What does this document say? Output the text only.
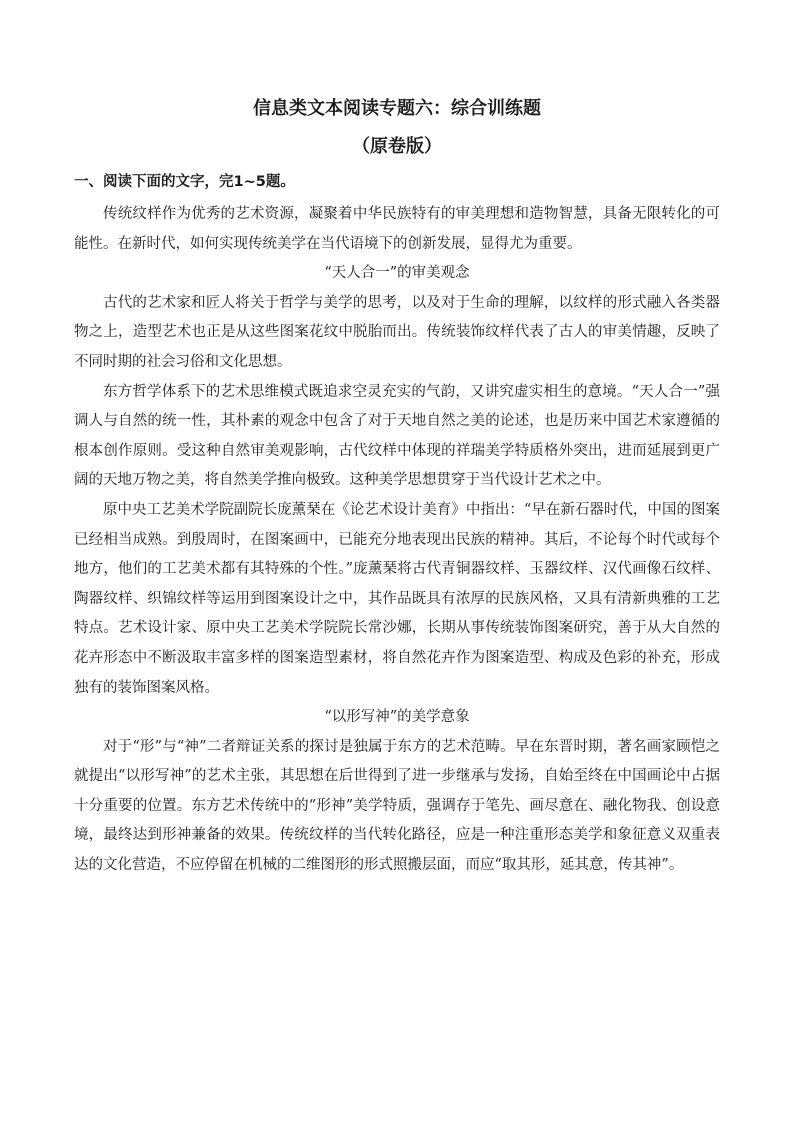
信息类文本阅读专题六：综合训练题
（原卷版）
一、阅读下面的文字，完1~5题。

传统纹样作为优秀的艺术资源，凝聚着中华民族特有的审美理想和造物智慧，具备无限转化的可能性。在新时代，如何实现传统美学在当代语境下的创新发展，显得尤为重要。

“天人合一”的审美观念

古代的艺术家和匠人将关于哲学与美学的思考，以及对于生命的理解，以纹样的形式融入各类器物之上，造型艺术也正是从这些图案花纹中脱胎而出。传统装饰纹样代表了古人的审美情趣，反映了不同时期的社会习俗和文化思想。

东方哲学体系下的艺术思维模式既追求空灵充实的气韵，又讲究虚实相生的意境。“天人合一”强调人与自然的统一性，其朴素的观念中包含了对于天地自然之美的论述，也是历来中国艺术家遵循的根本创作原则。受这种自然审美观影响，古代纹样中体现的祥瑞美学特质格外突出，进而延展到更广阔的天地万物之美，将自然美学推向极致。这种美学思想贯穿于当代设计艺术之中。

原中央工艺美术学院副院长庞薰琹在《论艺术设计美育》中指出：“早在新石器时代，中国的图案已经相当成熟。到殷周时，在图案画中，已能充分地表现出民族的精神。其后，不论每个时代或每个地方，他们的工艺美术都有其特殊的个性。”庞薰琹将古代青铜器纹样、玉器纹样、汉代画像石纹样、陶器纹样、织锦纹样等运用到图案设计之中，其作品既具有浓厚的民族风格，又具有清新典雅的工艺特点。艺术设计家、原中央工艺美术学院院长常沙娜，长期从事传统装饰图案研究，善于从大自然的花卉形态中不断汲取丰富多样的图案造型素材，将自然花卉作为图案造型、构成及色彩的补充，形成独有的装饰图案风格。

“以形写神”的美学意象

对于“形”与“神”二者辩证关系的探讨是独属于东方的艺术范畴。早在东晋时期，著名画家顾恺之就提出“以形写神”的艺术主张，其思想在后世得到了进一步继承与发扬，自始至终在中国画论中占据十分重要的位置。东方艺术传统中的“形神”美学特质，强调存于笔先、画尽意在、融化物我、创设意境，最终达到形神兼备的效果。传统纹样的当代转化路径，应是一种注重形态美学和象征意义双重表达的文化营造，不应停留在机械的二维图形的形式照搬层面，而应“取其形，延其意，传其神”。
